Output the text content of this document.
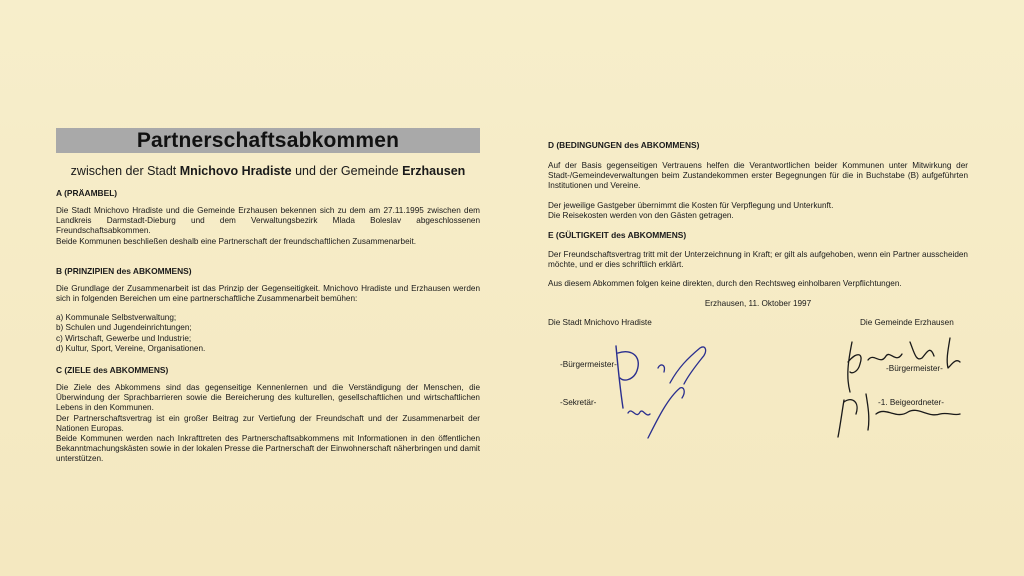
Partnerschaftsabkommen
zwischen der Stadt Mnichovo Hradiste und der Gemeinde Erzhausen
A (PRÄAMBEL)
Die Stadt Mnichovo Hradiste und die Gemeinde Erzhausen bekennen sich zu dem am 27.11.1995 zwischen dem Landkreis Darmstadt-Dieburg und dem Verwaltungsbezirk Mlada Boleslav abgeschlossenen Freundschaftsabkommen.
Beide Kommunen beschließen deshalb eine Partnerschaft der freundschaftlichen Zusammenarbeit.
B (PRINZIPIEN des ABKOMMENS)
Die Grundlage der Zusammenarbeit ist das Prinzip der Gegenseitigkeit. Mnichovo Hradiste und Erzhausen werden sich in folgenden Bereichen um eine partnerschaftliche Zusammenarbeit bemühen:
a) Kommunale Selbstverwaltung;
b) Schulen und Jugendeinrichtungen;
c) Wirtschaft, Gewerbe und Industrie;
d) Kultur, Sport, Vereine, Organisationen.
C (ZIELE des ABKOMMENS)
Die Ziele des Abkommens sind das gegenseitige Kennenlernen und die Verständigung der Menschen, die Überwindung der Sprachbarrieren sowie die Bereicherung des kulturellen, gesellschaftlichen und wirtschaftlichen Lebens in den Kommunen.
Der Partnerschaftsvertrag ist ein großer Beitrag zur Vertiefung der Freundschaft und der Zusammenarbeit der Nationen Europas.
Beide Kommunen werden nach Inkrafttreten des Partnerschaftsabkommens mit Informationen in den öffentlichen Bekanntmachungskästen sowie in der lokalen Presse die Partnerschaft der Einwohnerschaft näherbringen und damit unterstützen.
D (BEDINGUNGEN des ABKOMMENS)
Auf der Basis gegenseitigen Vertrauens helfen die Verantwortlichen beider Kommunen unter Mitwirkung der Stadt-/Gemeindeverwaltungen beim Zustandekommen erster Begegnungen für die in Buchstabe (B) aufgeführten Institutionen und Vereine.
Der jeweilige Gastgeber übernimmt die Kosten für Verpflegung und Unterkunft.
Die Reisekosten werden von den Gästen getragen.
E (GÜLTIGKEIT des ABKOMMENS)
Der Freundschaftsvertrag tritt mit der Unterzeichnung in Kraft; er gilt als aufgehoben, wenn ein Partner ausscheiden möchte, und er dies schriftlich erklärt.
Aus diesem Abkommen folgen keine direkten, durch den Rechtsweg einholbaren Verpflichtungen.
Erzhausen, 11. Oktober 1997
Die Stadt Mnichovo Hradiste	Die Gemeinde Erzhausen
-Bürgermeister-
-Sekretär-
-Bürgermeister-
-1. Beigeordneter-
